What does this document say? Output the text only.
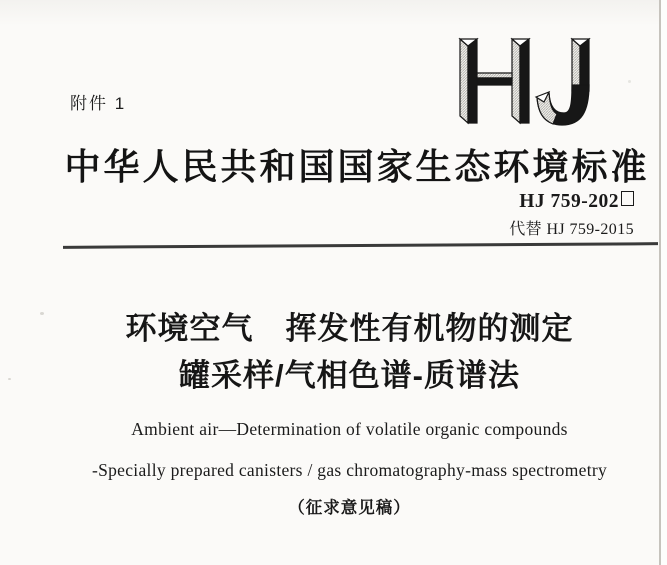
附件 1
中华人民共和国国家生态环境标准
HJ 759-202
代替 HJ 759-2015
环境空气　挥发性有机物的测定
罐采样/气相色谱-质谱法
Ambient air—Determination of volatile organic compounds
-Specially prepared canisters / gas chromatography-mass spectrometry
（征求意见稿）
